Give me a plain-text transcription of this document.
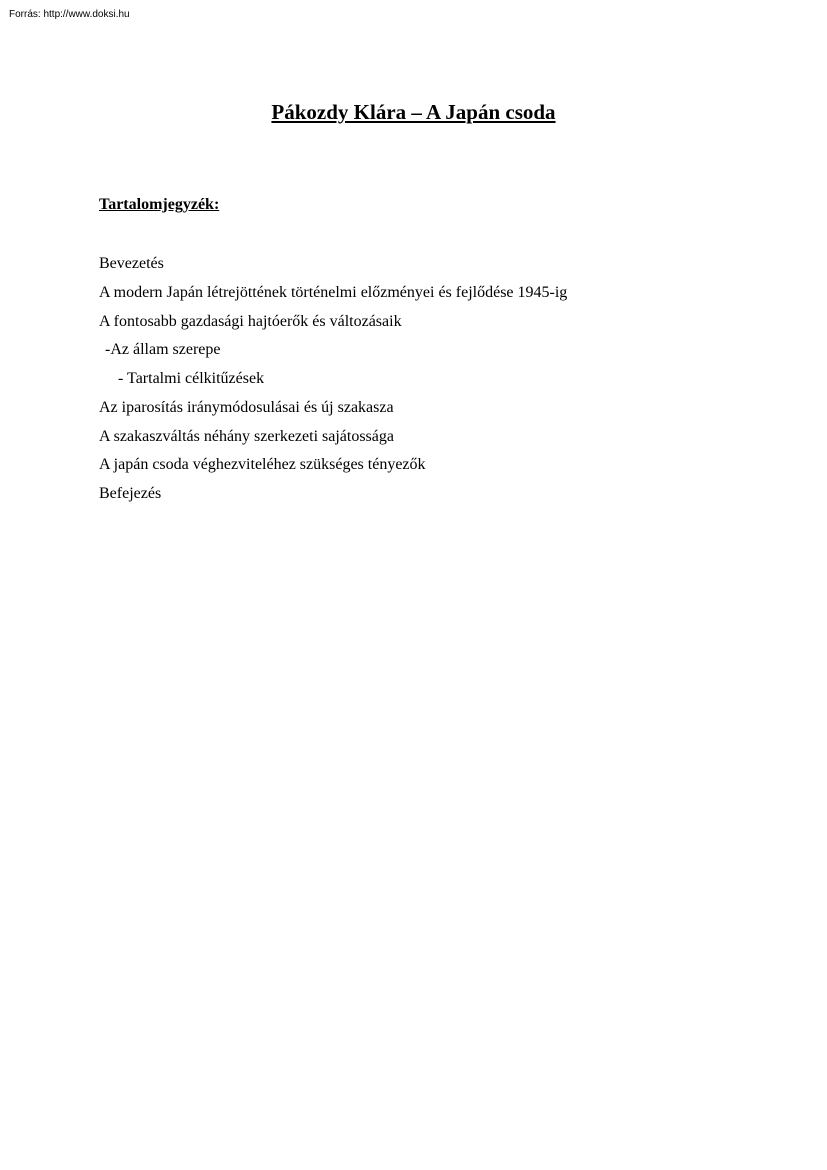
Forrás: http://www.doksi.hu
Pákozdy Klára – A Japán csoda
Tartalomjegyzék:
Bevezetés
A modern Japán létrejöttének történelmi előzményei és fejlődése 1945-ig
A fontosabb gazdasági hajtóerők és változásaik
-Az állam szerepe
- Tartalmi célkitűzések
Az iparosítás iránymódosulásai és új szakasza
A szakaszváltás néhány szerkezeti sajátossága
A japán csoda véghezviteléhez szükséges tényezők
Befejezés
